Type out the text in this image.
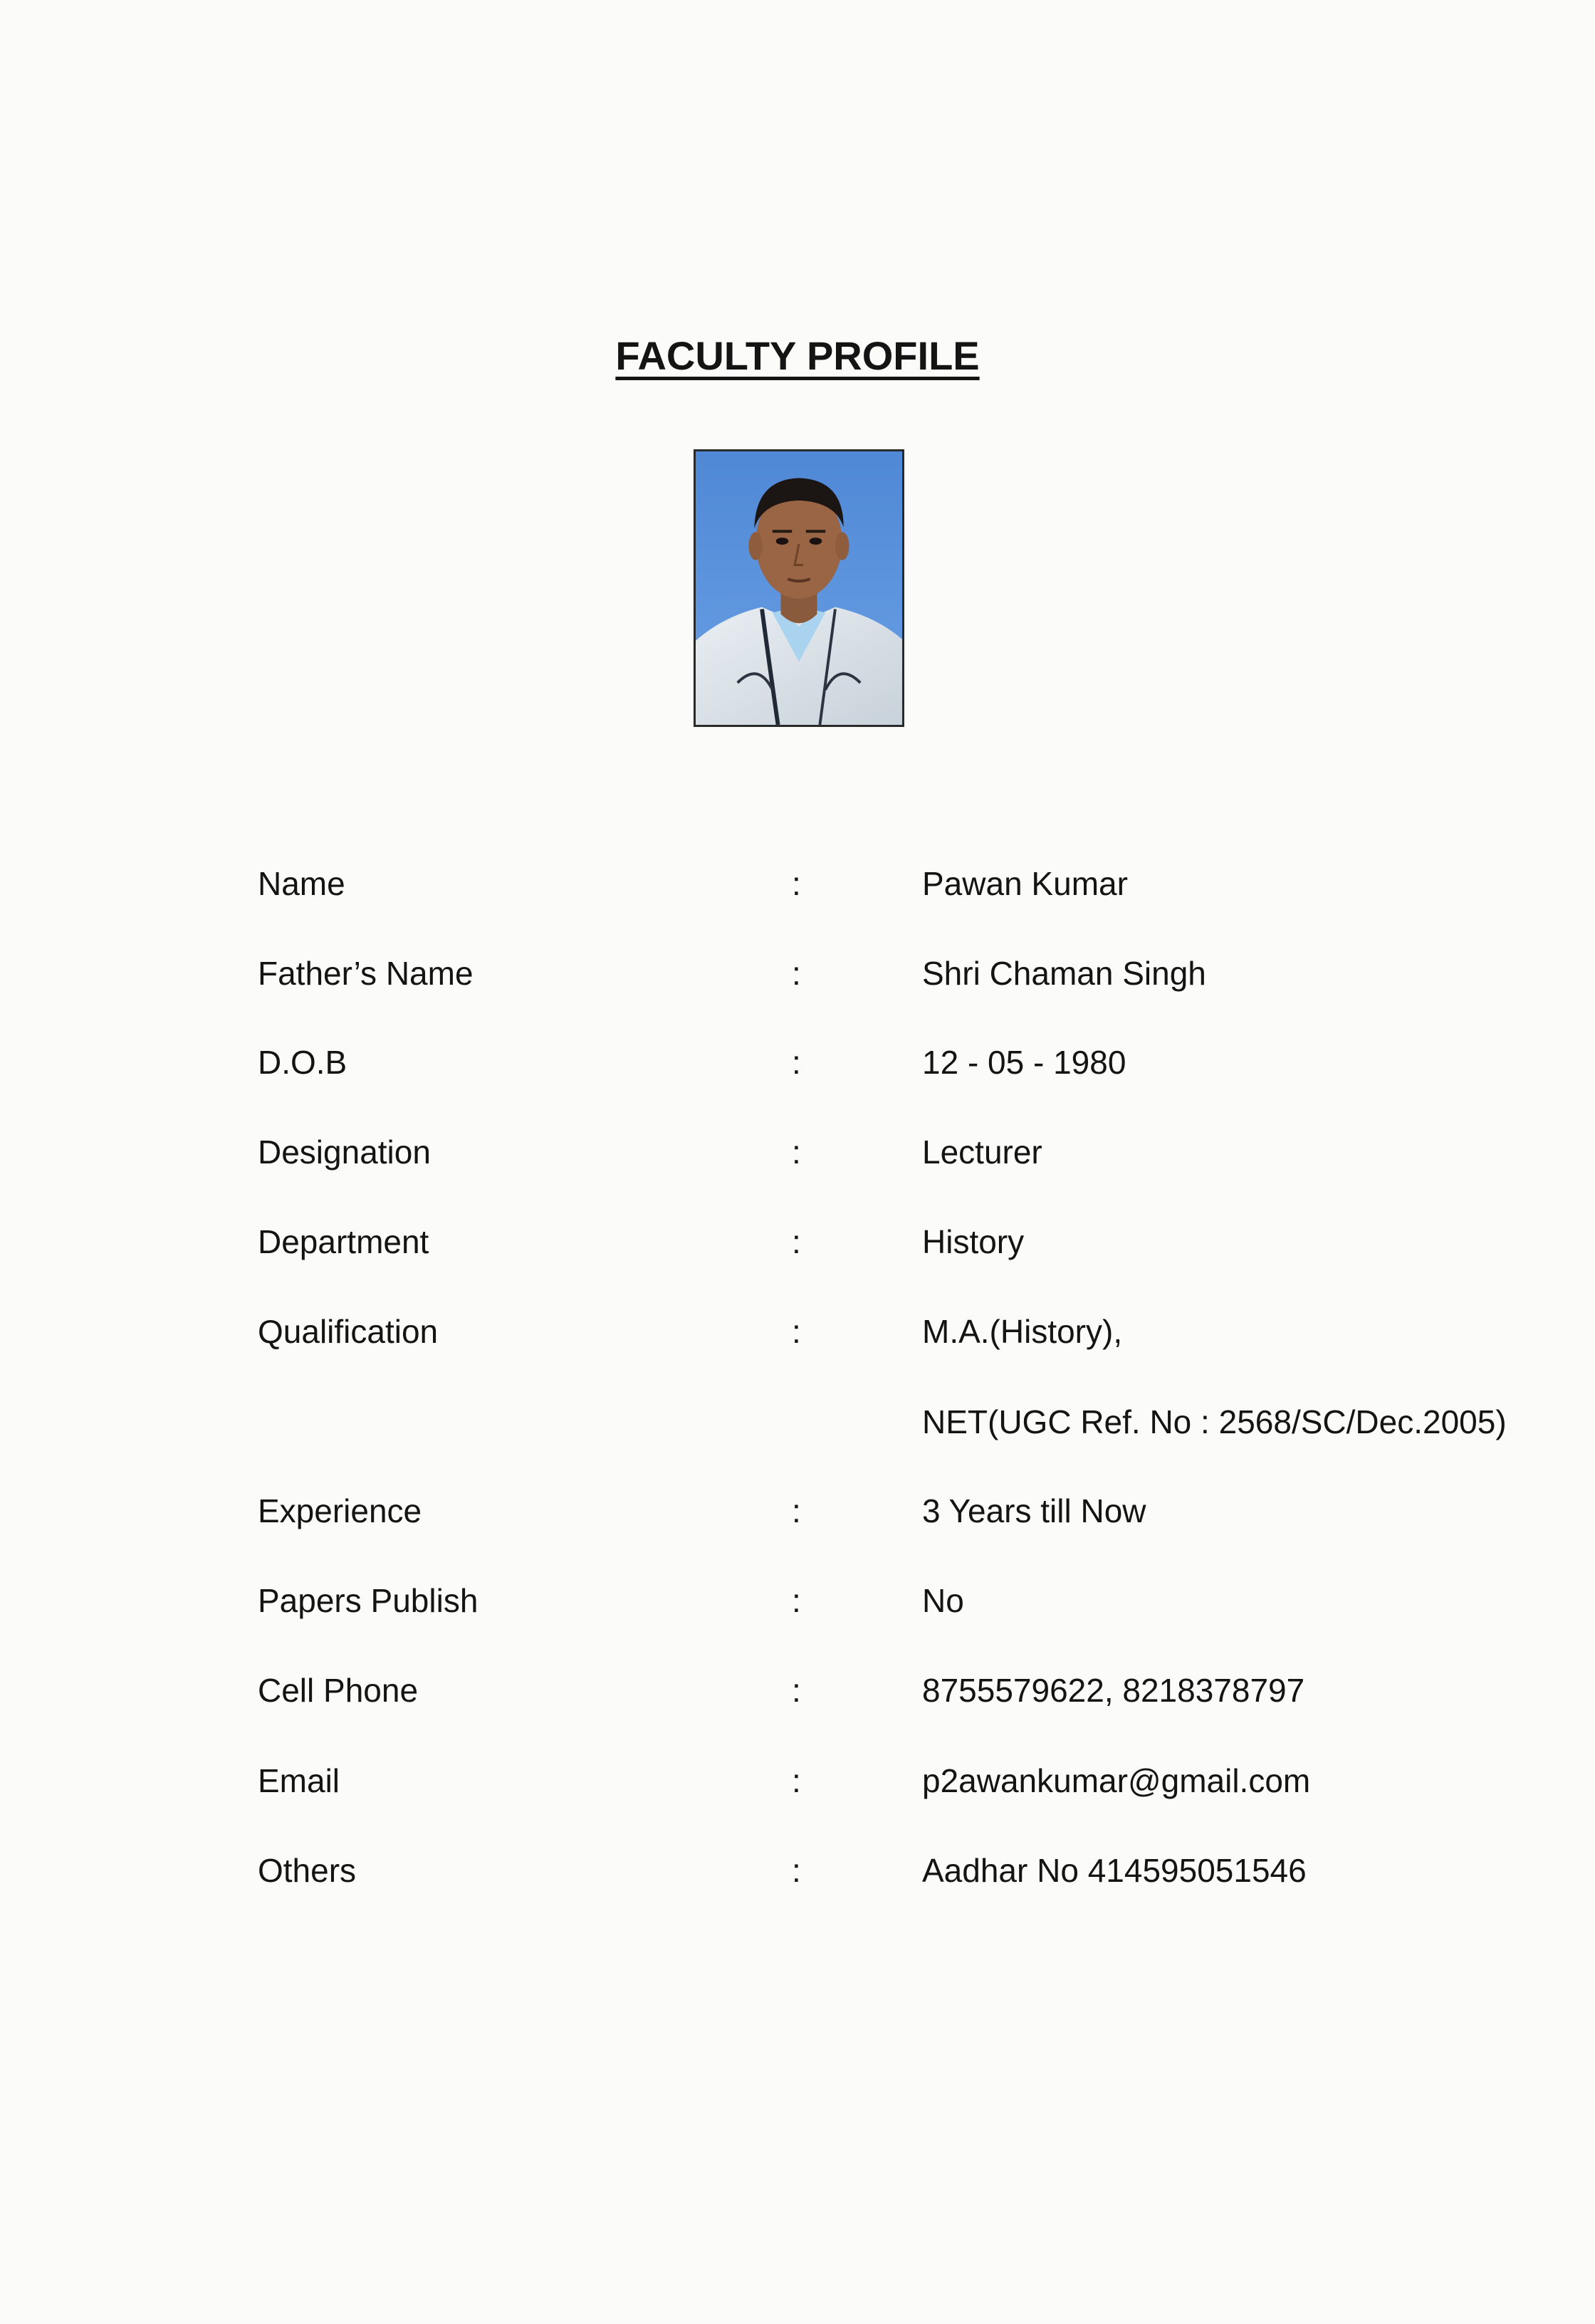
FACULTY PROFILE
Name	:	Pawan Kumar
Father’s Name	:	Shri Chaman Singh
D.O.B	:	12 - 05 - 1980
Designation	:	Lecturer
Department	:	History
Qualification	:	M.A.(History),
NET(UGC Ref. No : 2568/SC/Dec.2005)
Experience	:	3 Years till Now
Papers Publish	:	No
Cell Phone	:	8755579622, 8218378797
Email	:	p2awankumar@gmail.com
Others	:	Aadhar No 414595051546
